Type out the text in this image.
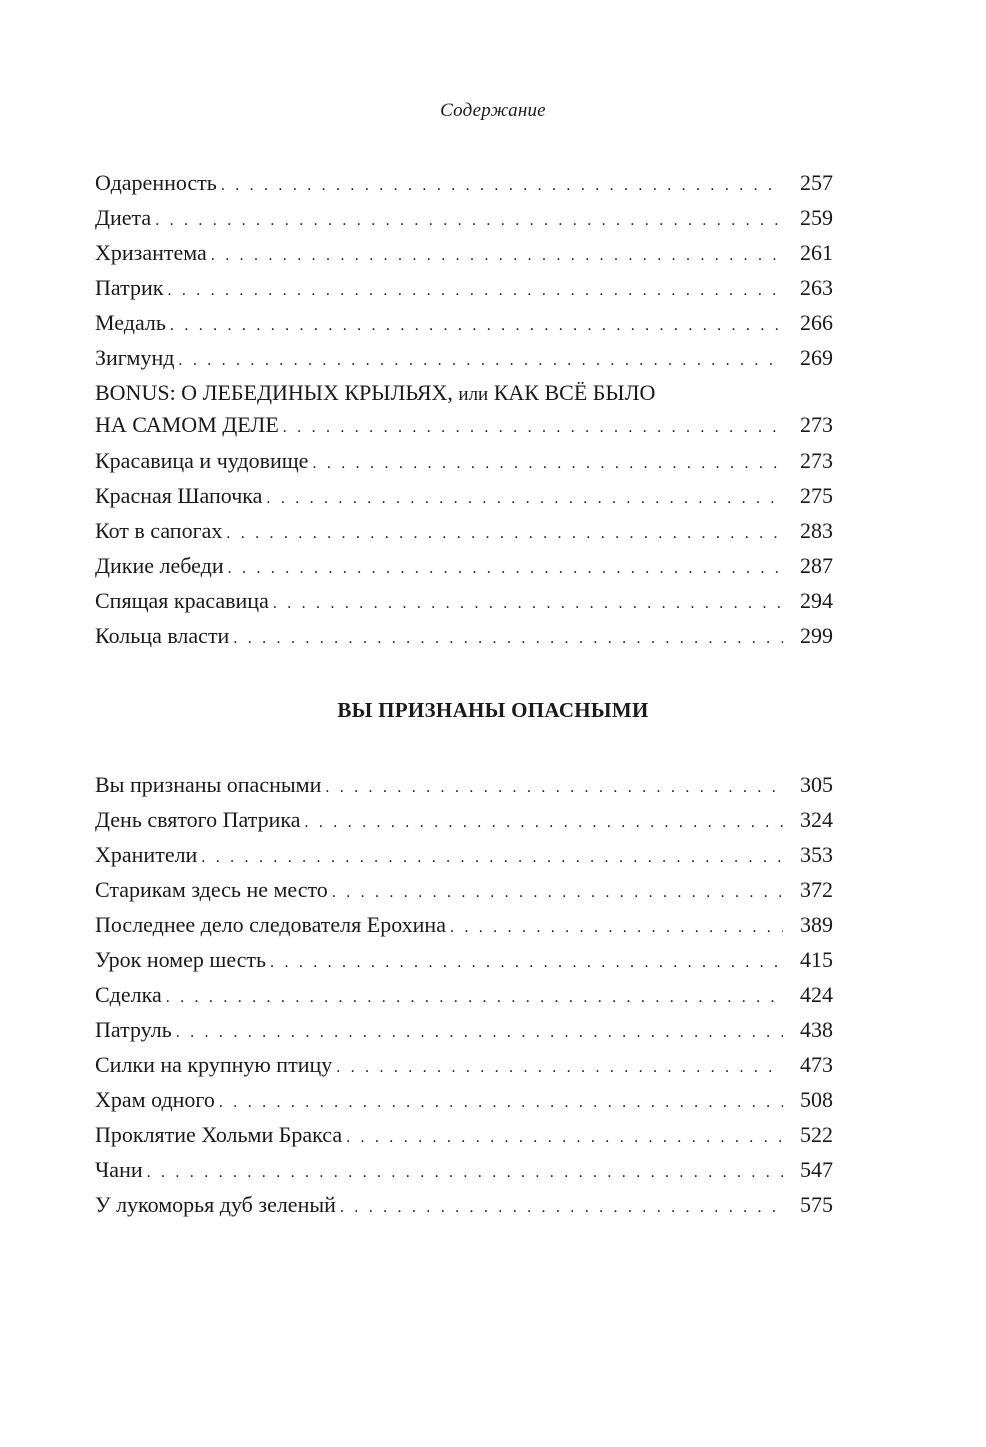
Содержание
Одаренность . . .	257
Диета . . .	259
Хризантема . . .	261
Патрик . . .	263
Медаль . . .	266
Зигмунд . . .	269
BONUS: О ЛЕБЕДИНЫХ КРЫЛЬЯХ, или КАК ВСЁ БЫЛО
НА САМОМ ДЕЛЕ . . .	273
Красавица и чудовище . . .	273
Красная Шапочка . . .	275
Кот в сапогах . . .	283
Дикие лебеди . . .	287
Спящая красавица . . .	294
Кольца власти . . .	299
ВЫ ПРИЗНАНЫ ОПАСНЫМИ
Вы признаны опасными . . .	305
День святого Патрика . . .	324
Хранители . . .	353
Старикам здесь не место . . .	372
Последнее дело следователя Ерохина . . .	389
Урок номер шесть . . .	415
Сделка . . .	424
Патруль . . .	438
Силки на крупную птицу . . .	473
Храм одного . . .	508
Проклятие Хольми Бракса . . .	522
Чани . . .	547
У лукоморья дуб зеленый . . .	575
